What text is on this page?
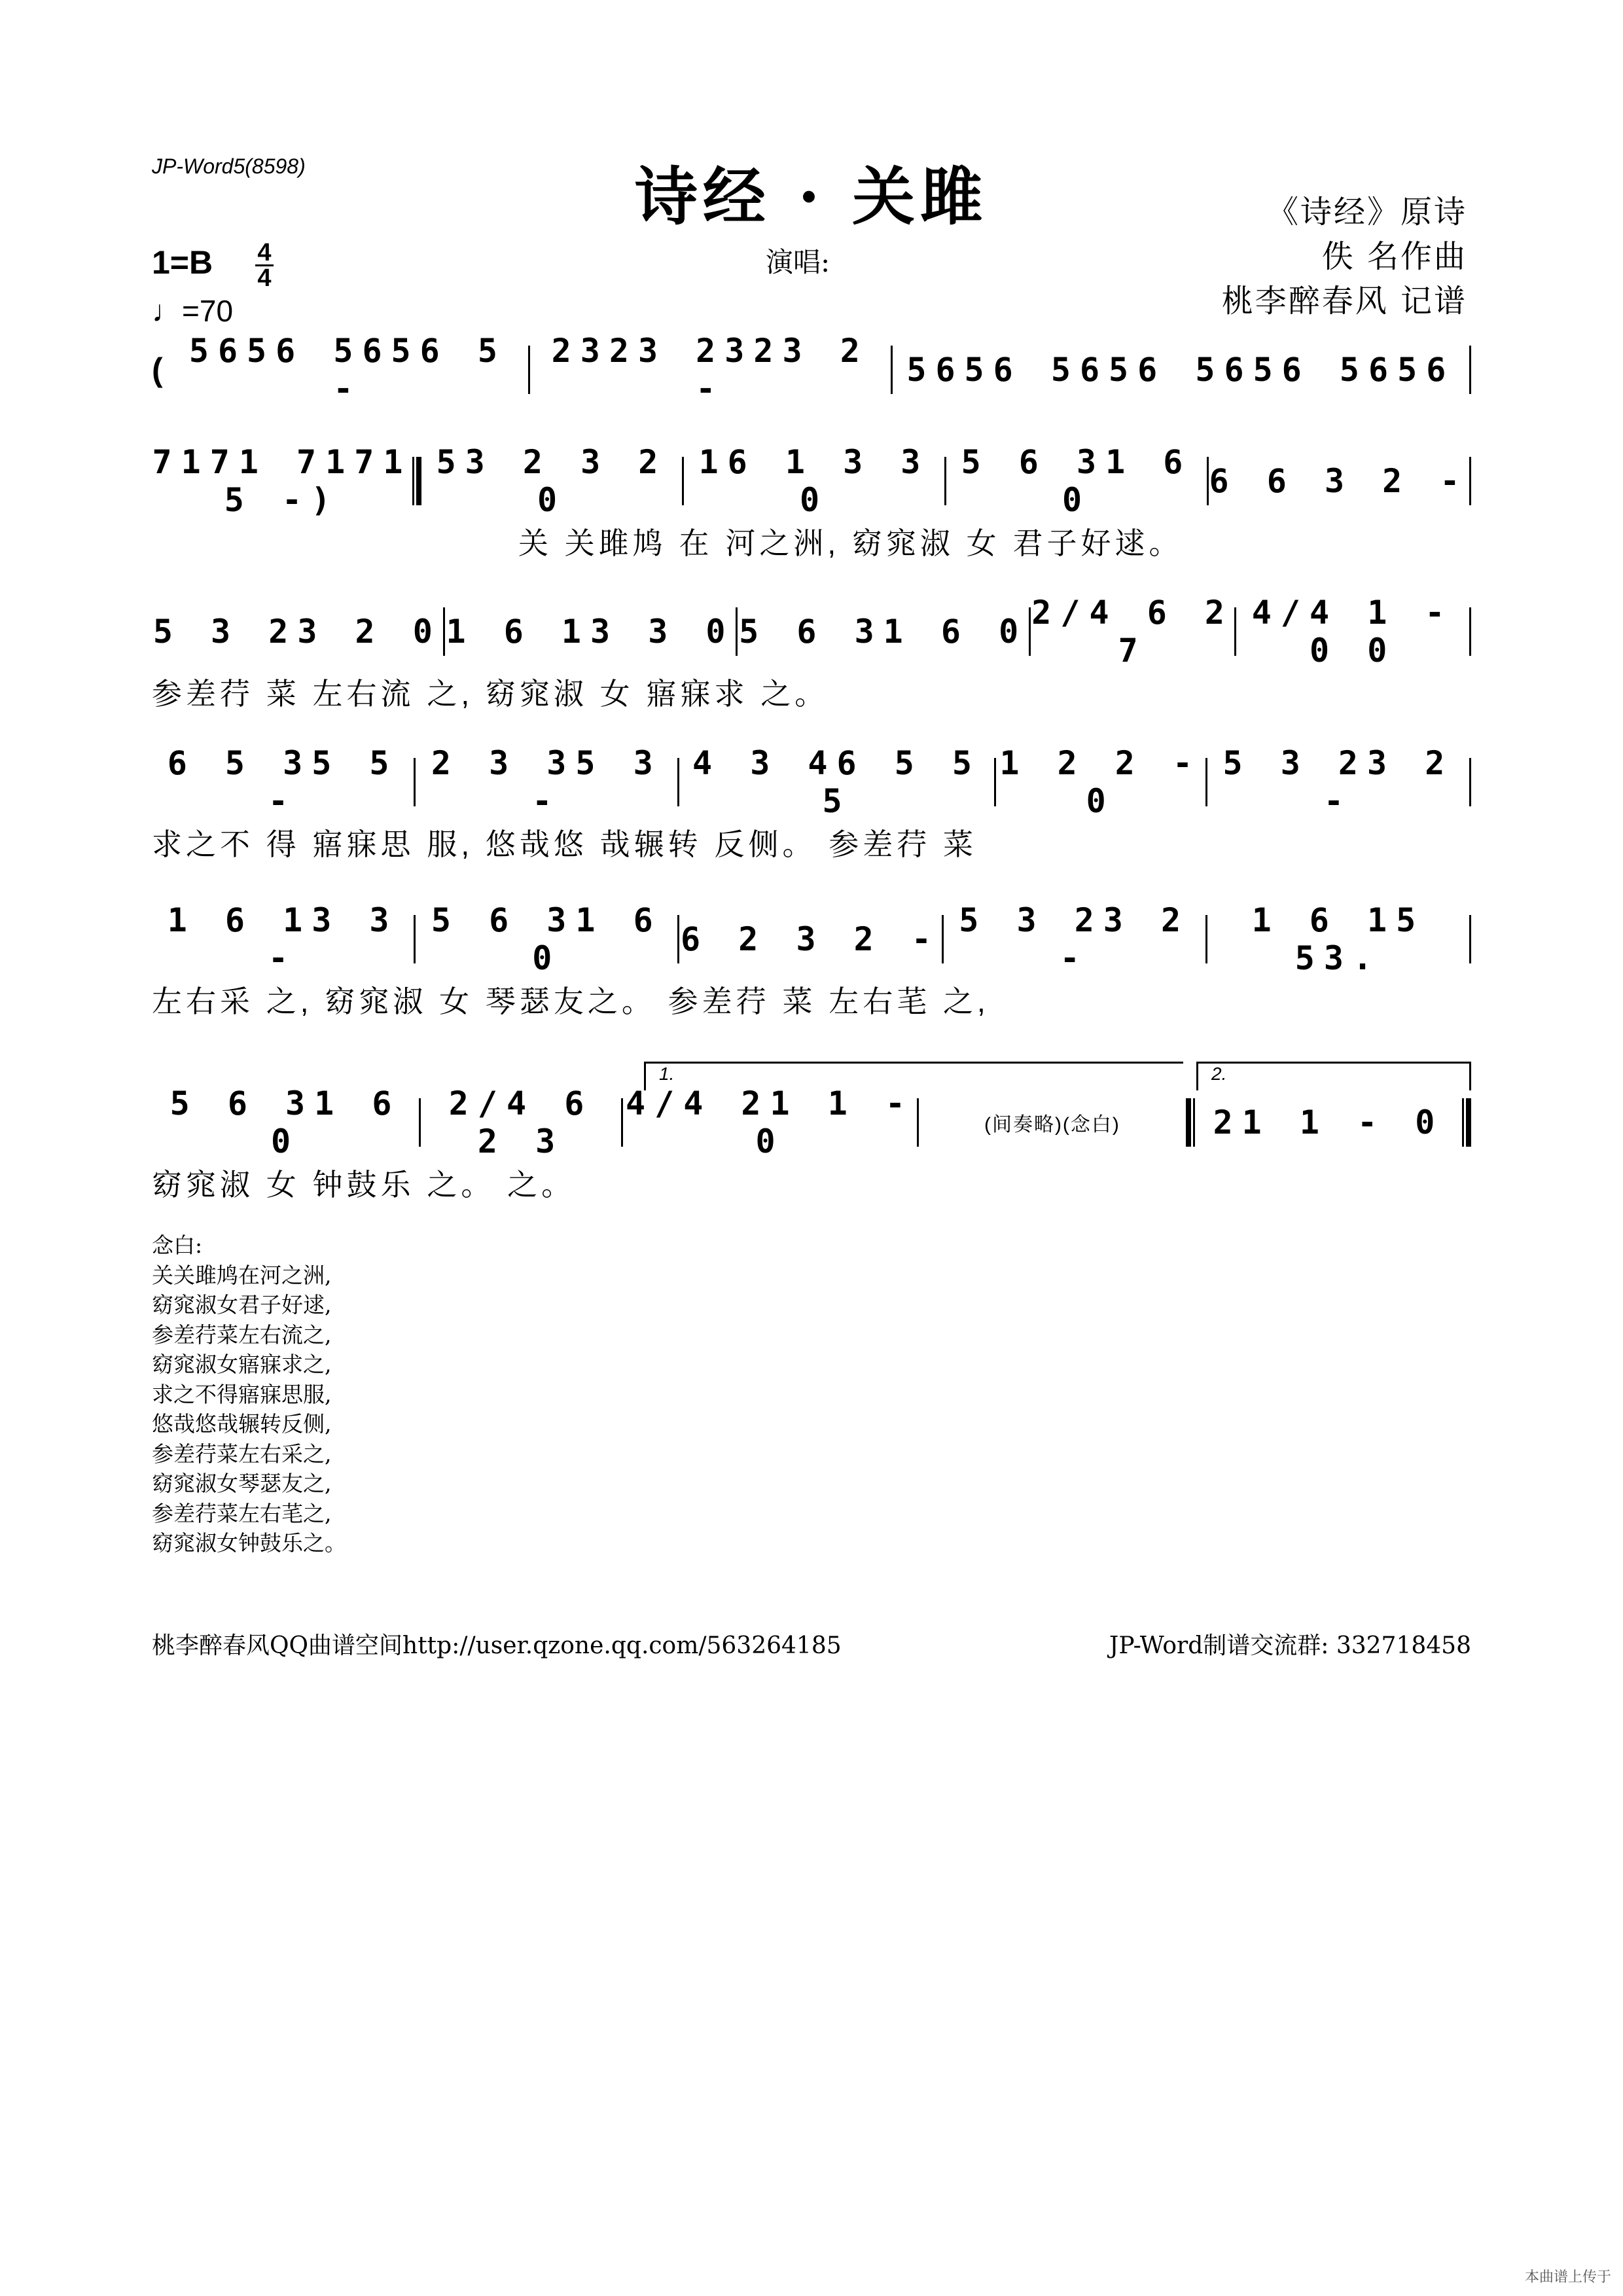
JP-Word5(8598)	诗经 · 关雎	《诗经》原诗
佚 名作曲
桃李醉春风 记谱
演唱:
1=B 4
4
♩=70
( 5656 5656 5 -
2323 2323 2 -	5656 5656 5656 5656
7171 7171 5 -)
53 2 3 2 0
16 1 3 3 0
5 6 31 6 0	6 6 3 2 -
关 关雎鸠 在 河之洲, 窈窕淑 女 君子好逑。
5 3 23 2 0 1 6 13 3 0 5 6 31 6 0 2/4 6 2 7
4/4 1 - 0 0
参差荇 菜 左右流 之, 窈窕淑 女 寤寐求 之。
6 5 35 5 -
2 3 35 3 -
4 3 46 5 5 5
1 2 2 - 0
5 3 23 2 -
求之不 得 寤寐思 服, 悠哉悠 哉辗转 反侧。 参差荇 菜
1 6 13 3 -
5 6 31 6 0	6 2 3 2 - 5 3 23 2 -
1 6 15 53.
左右采 之, 窈窕淑 女 琴瑟友之。 参差荇 菜 左右芼 之,
1.	2.
5 6 31 6 0
2/4 6 2 3
4/4 21 1 - 0	(间奏略)(念白)	21 1 - 0
窈窕淑 女 钟鼓乐 之。 之。
念白:
关关雎鸠在河之洲,
窈窕淑女君子好逑,
参差荇菜左右流之,
窈窕淑女寤寐求之,
求之不得寤寐思服,
悠哉悠哉辗转反侧,
参差荇菜左右采之,
窈窕淑女琴瑟友之,
参差荇菜左右芼之,
窈窕淑女钟鼓乐之。
桃李醉春风QQ曲谱空间http://user.qzone.qq.com/563264185	JP-Word制谱交流群: 332718458
本曲谱上传于
